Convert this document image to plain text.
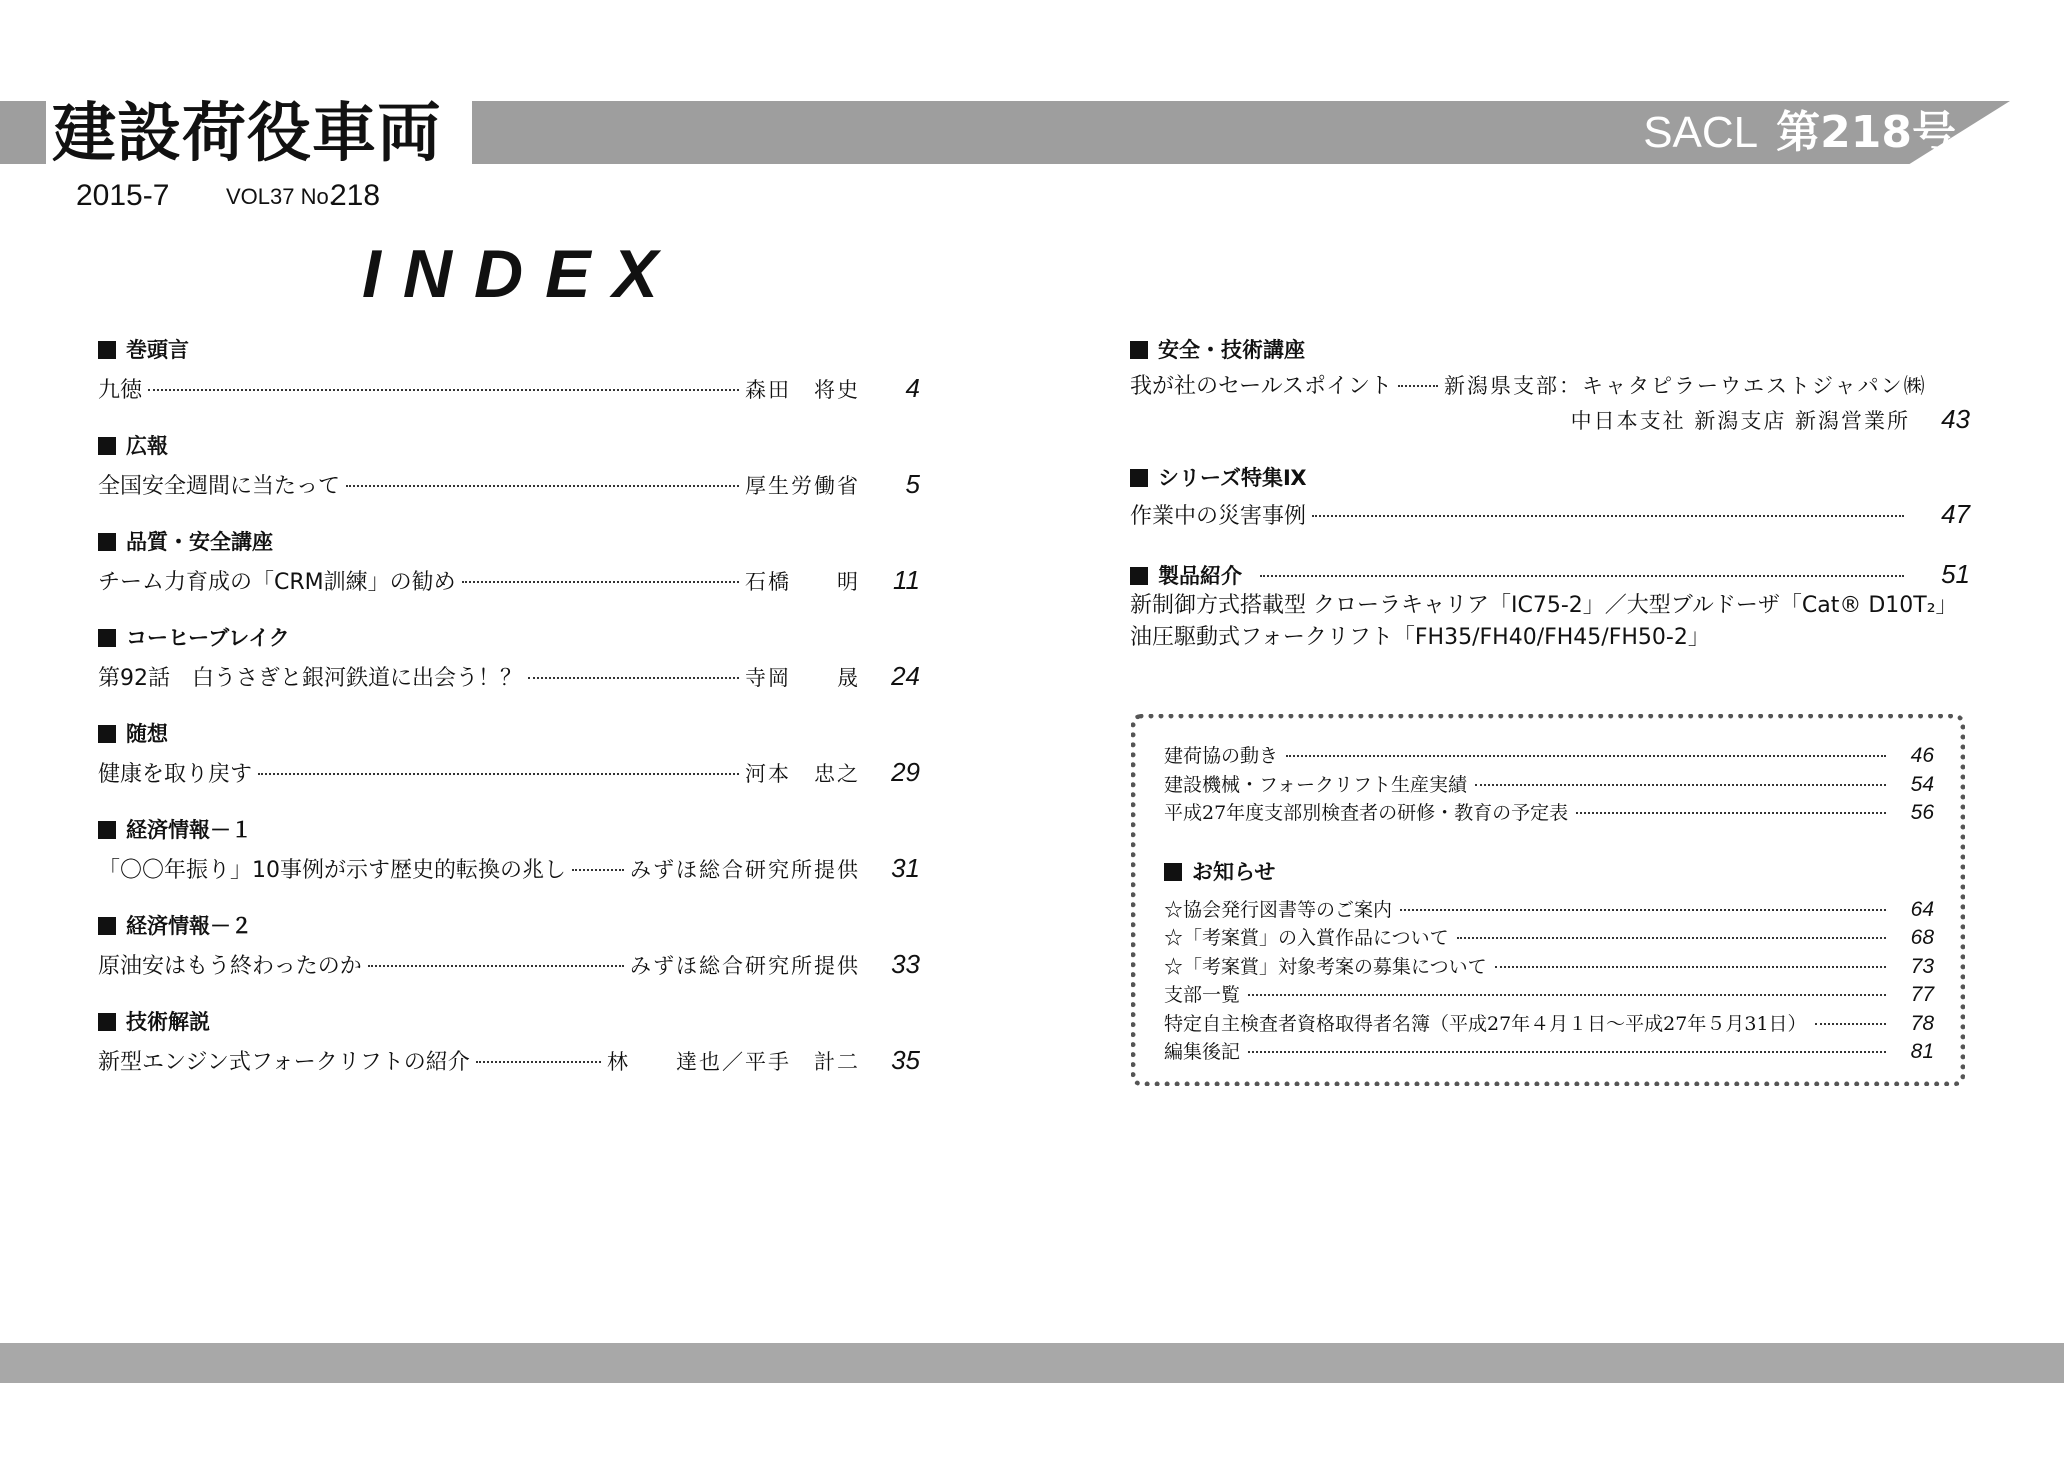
建設荷役車両	SACL 第218号
2015-7	VOL37 No.
218
INDEX
巻頭言
九徳	森田　将史	4
広報
全国安全週間に当たって	厚生労働省	5
品質・安全講座
チーム力育成の「CRM訓練」の勧め	石橋　　明	11
コーヒーブレイク
第92話　白うさぎと銀河鉄道に出会う！？	寺岡　　晟	24
随想
健康を取り戻す	河本　忠之	29
経済情報－１
「〇〇年振り」10事例が示す歴史的転換の兆し	みずほ総合研究所提供	31
経済情報－２
原油安はもう終わったのか	みずほ総合研究所提供	33
技術解説
新型エンジン式フォークリフトの紹介	林　　達也／平手　計二	35
安全・技術講座
我が社のセールスポイント 新潟県支部：キャタピラーウエストジャパン㈱
中日本支社 新潟支店 新潟営業所	43
シリーズ特集Ⅸ
作業中の災害事例	47
製品紹介	51
新制御方式搭載型 クローラキャリア「IC75-2」／大型ブルドーザ「Cat® D10T₂」
油圧駆動式フォークリフト「FH35/FH40/FH45/FH50-2」
建荷協の動き	46
建設機械・フォークリフト生産実績	54
平成27年度支部別検査者の研修・教育の予定表	56
お知らせ
☆協会発行図書等のご案内	64
☆「考案賞」の入賞作品について	68
☆「考案賞」対象考案の募集について	73
支部一覧	77
特定自主検査者資格取得者名簿（平成27年４月１日～平成27年５月31日）	78
編集後記	81
